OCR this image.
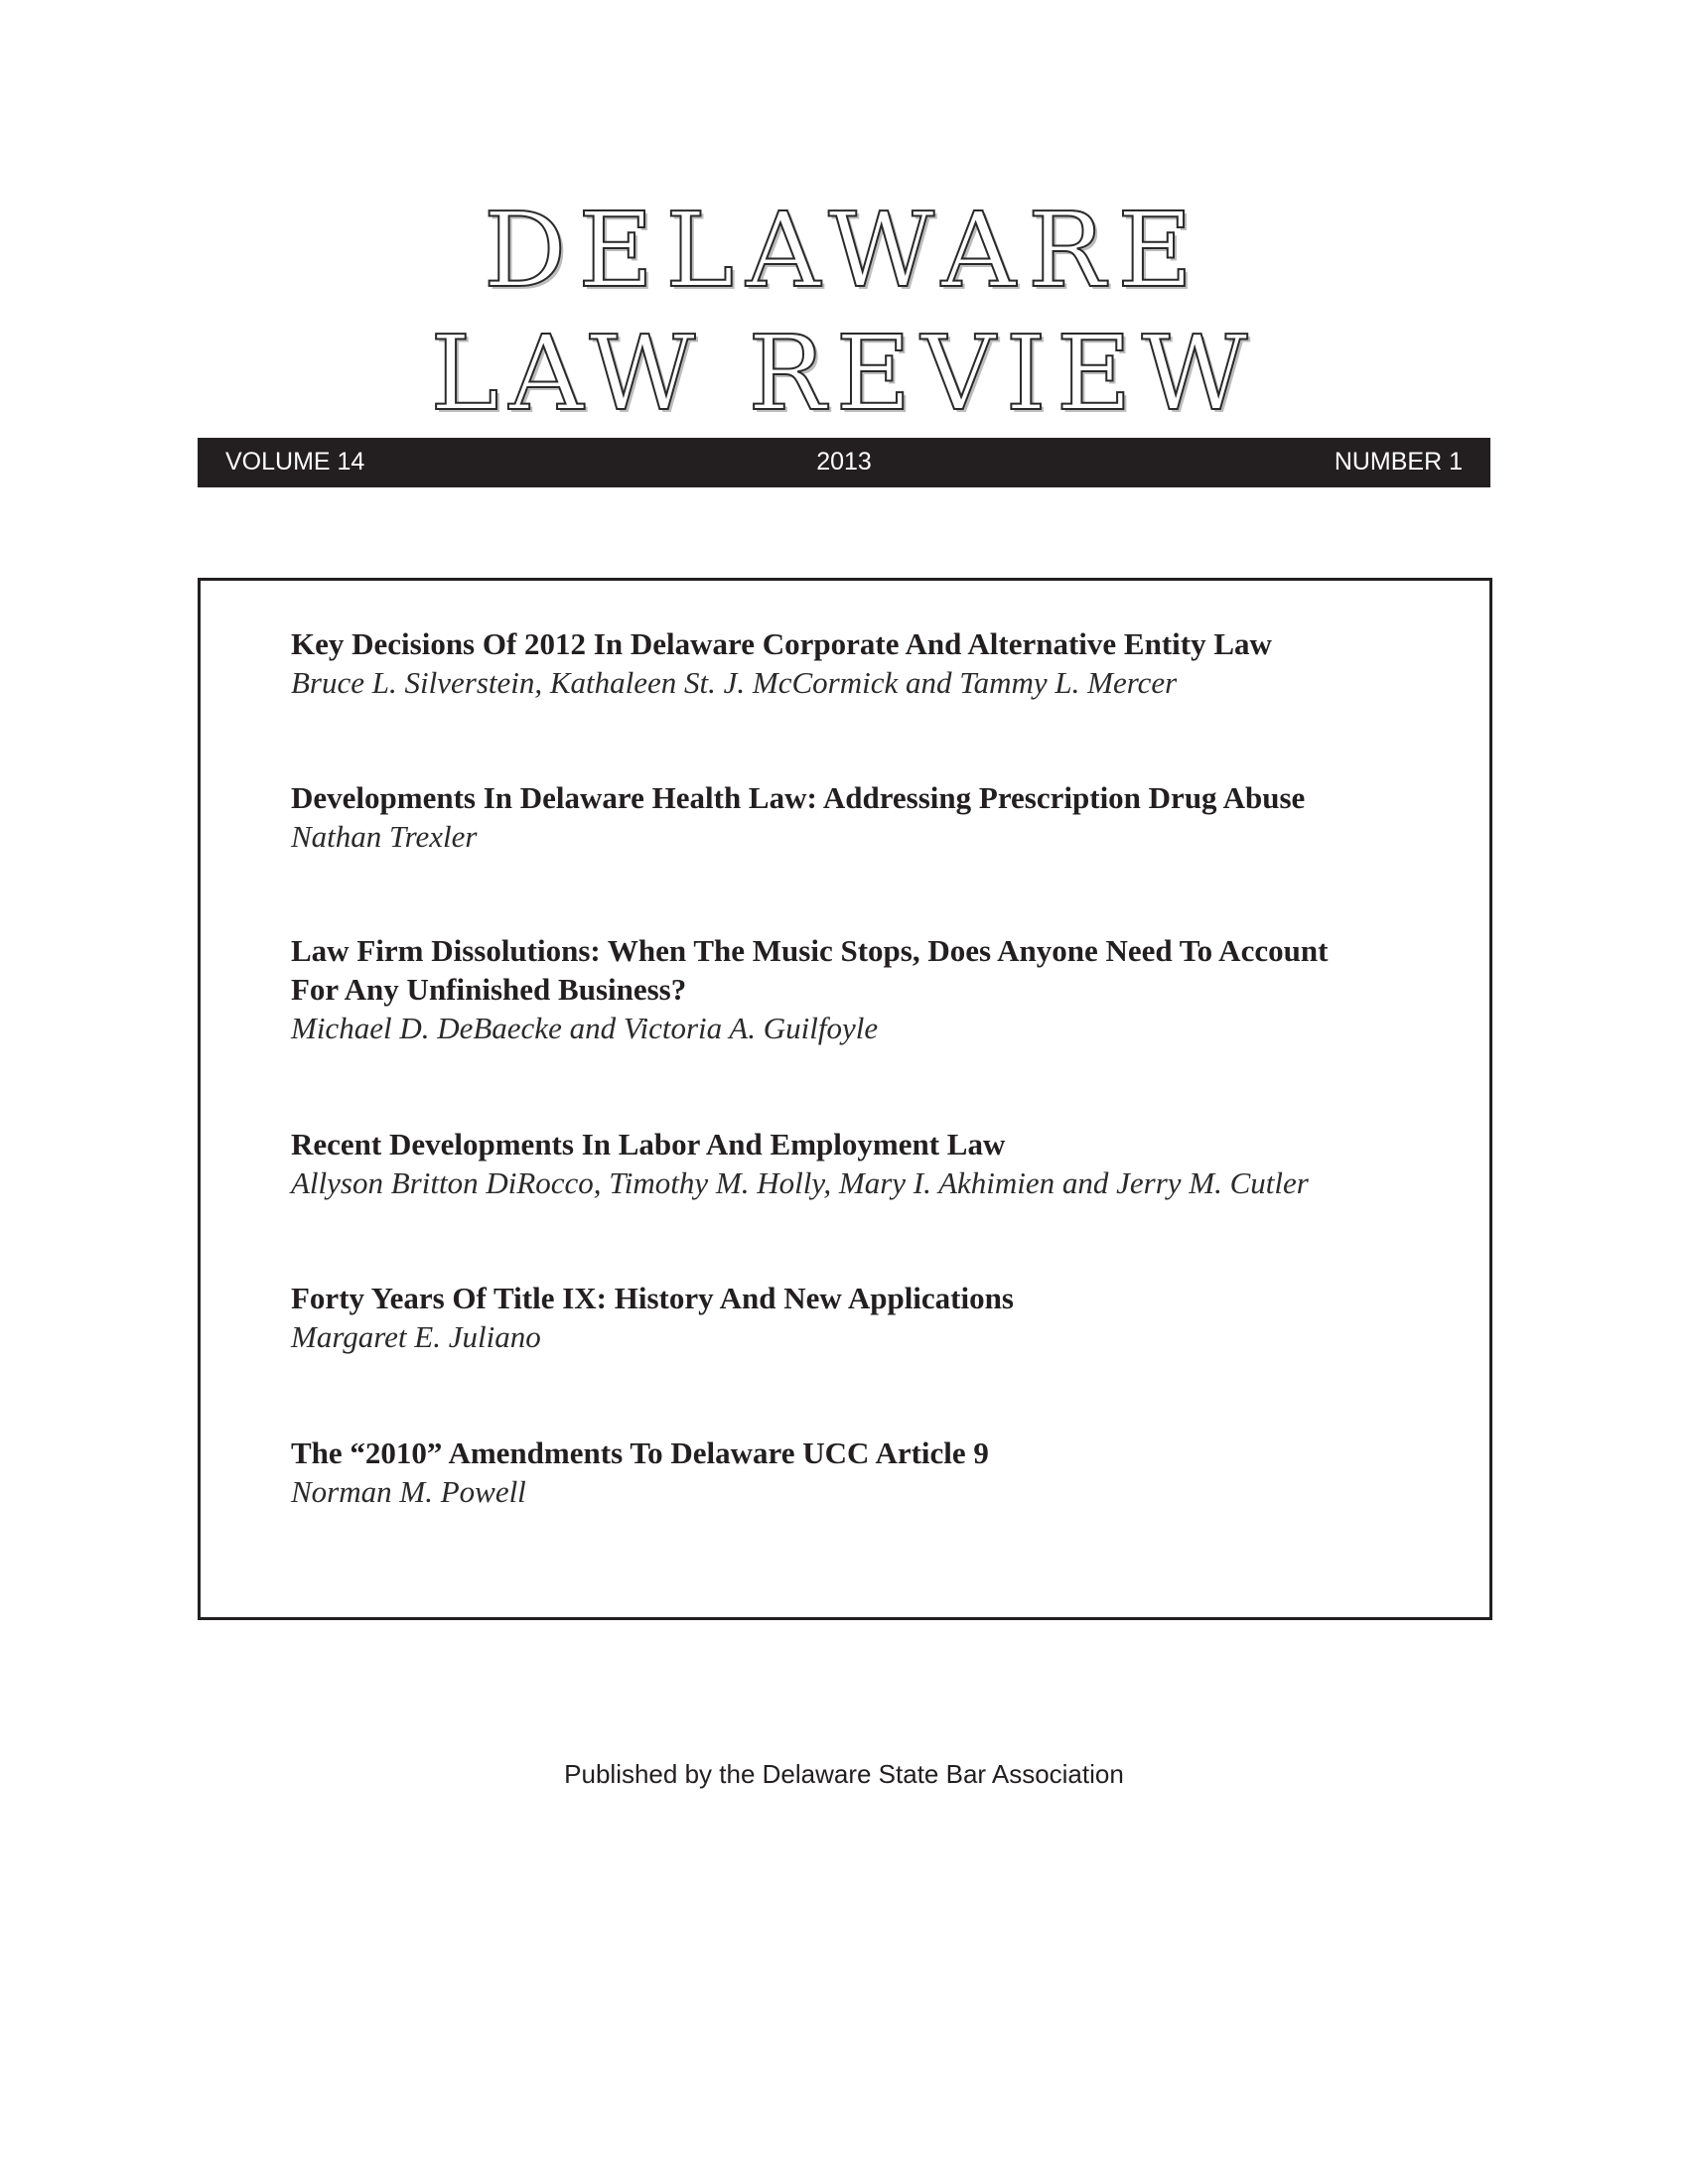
DELAWARE
LAW REVIEW
VOLUME 14	2013	NUMBER 1
Key Decisions Of 2012 In Delaware Corporate And Alternative Entity Law
Bruce L. Silverstein, Kathaleen St. J. McCormick and Tammy L. Mercer
Developments In Delaware Health Law: Addressing Prescription Drug Abuse
Nathan Trexler
Law Firm Dissolutions: When The Music Stops, Does Anyone Need To Account
For Any Unfinished Business?
Michael D. DeBaecke and Victoria A. Guilfoyle
Recent Developments In Labor And Employment Law
Allyson Britton DiRocco, Timothy M. Holly, Mary I. Akhimien and Jerry M. Cutler
Forty Years Of Title IX: History And New Applications
Margaret E. Juliano
The “2010” Amendments To Delaware UCC Article 9
Norman M. Powell
Published by the Delaware State Bar Association
